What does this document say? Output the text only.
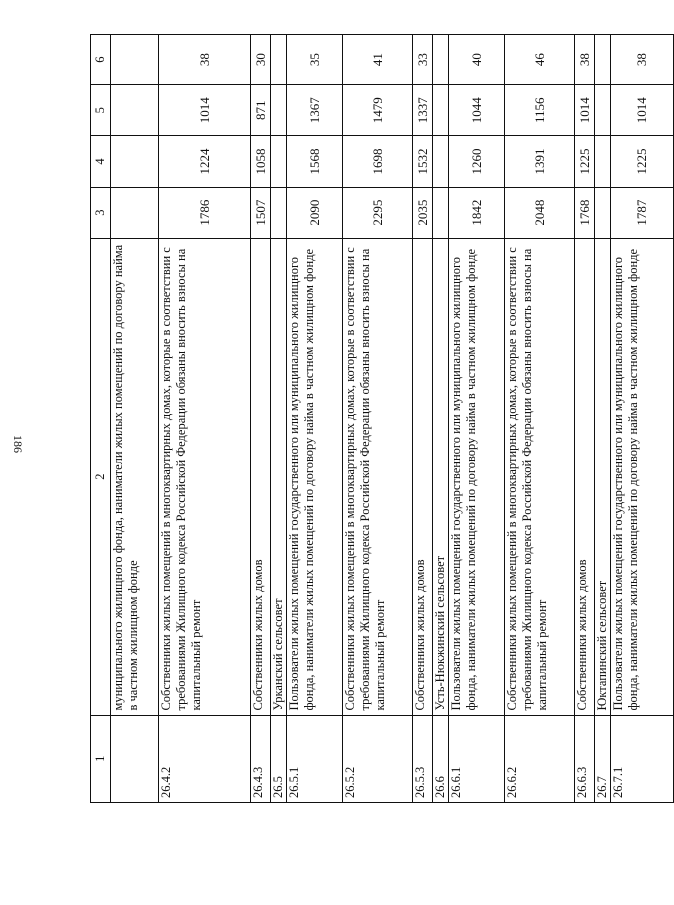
186
1	2	3	4	5	6
	муниципального жилищного фонда, наниматели жилых помещений по договору найма в частном жилищном фонде				
26.4.2	Собственники жилых помещений в многоквартирных домах, которые в соответствии с требованиями Жилищного кодекса Российской Федерации обязаны вносить взносы на капитальный ремонт	1786	1224	1014	38
26.4.3	Собственники жилых домов	1507	1058	871	30
26.5	Урканский сельсовет				
26.5.1	Пользователи жилых помещений государственного или муниципального жилищного фонда, наниматели жилых помещений по договору найма в частном жилищном фонде	2090	1568	1367	35
26.5.2	Собственники жилых помещений в многоквартирных домах, которые в соответствии с требованиями Жилищного кодекса Российской Федерации обязаны вносить взносы на капитальный ремонт	2295	1698	1479	41
26.5.3	Собственники жилых домов	2035	1532	1337	33
26.6	Усть-Нюкжинский сельсовет				
26.6.1	Пользователи жилых помещений государственного или муниципального жилищного фонда, наниматели жилых помещений по договору найма в частном жилищном фонде	1842	1260	1044	40
26.6.2	Собственники жилых помещений в многоквартирных домах, которые в соответствии с требованиями Жилищного кодекса Российской Федерации обязаны вносить взносы на капитальный ремонт	2048	1391	1156	46
26.6.3	Собственники жилых домов	1768	1225	1014	38
26.7	Юктапинский сельсовет				
26.7.1	Пользователи жилых помещений государственного или муниципального жилищного фонда, наниматели жилых помещений по договору найма в частном жилищном фонде	1787	1225	1014	38
